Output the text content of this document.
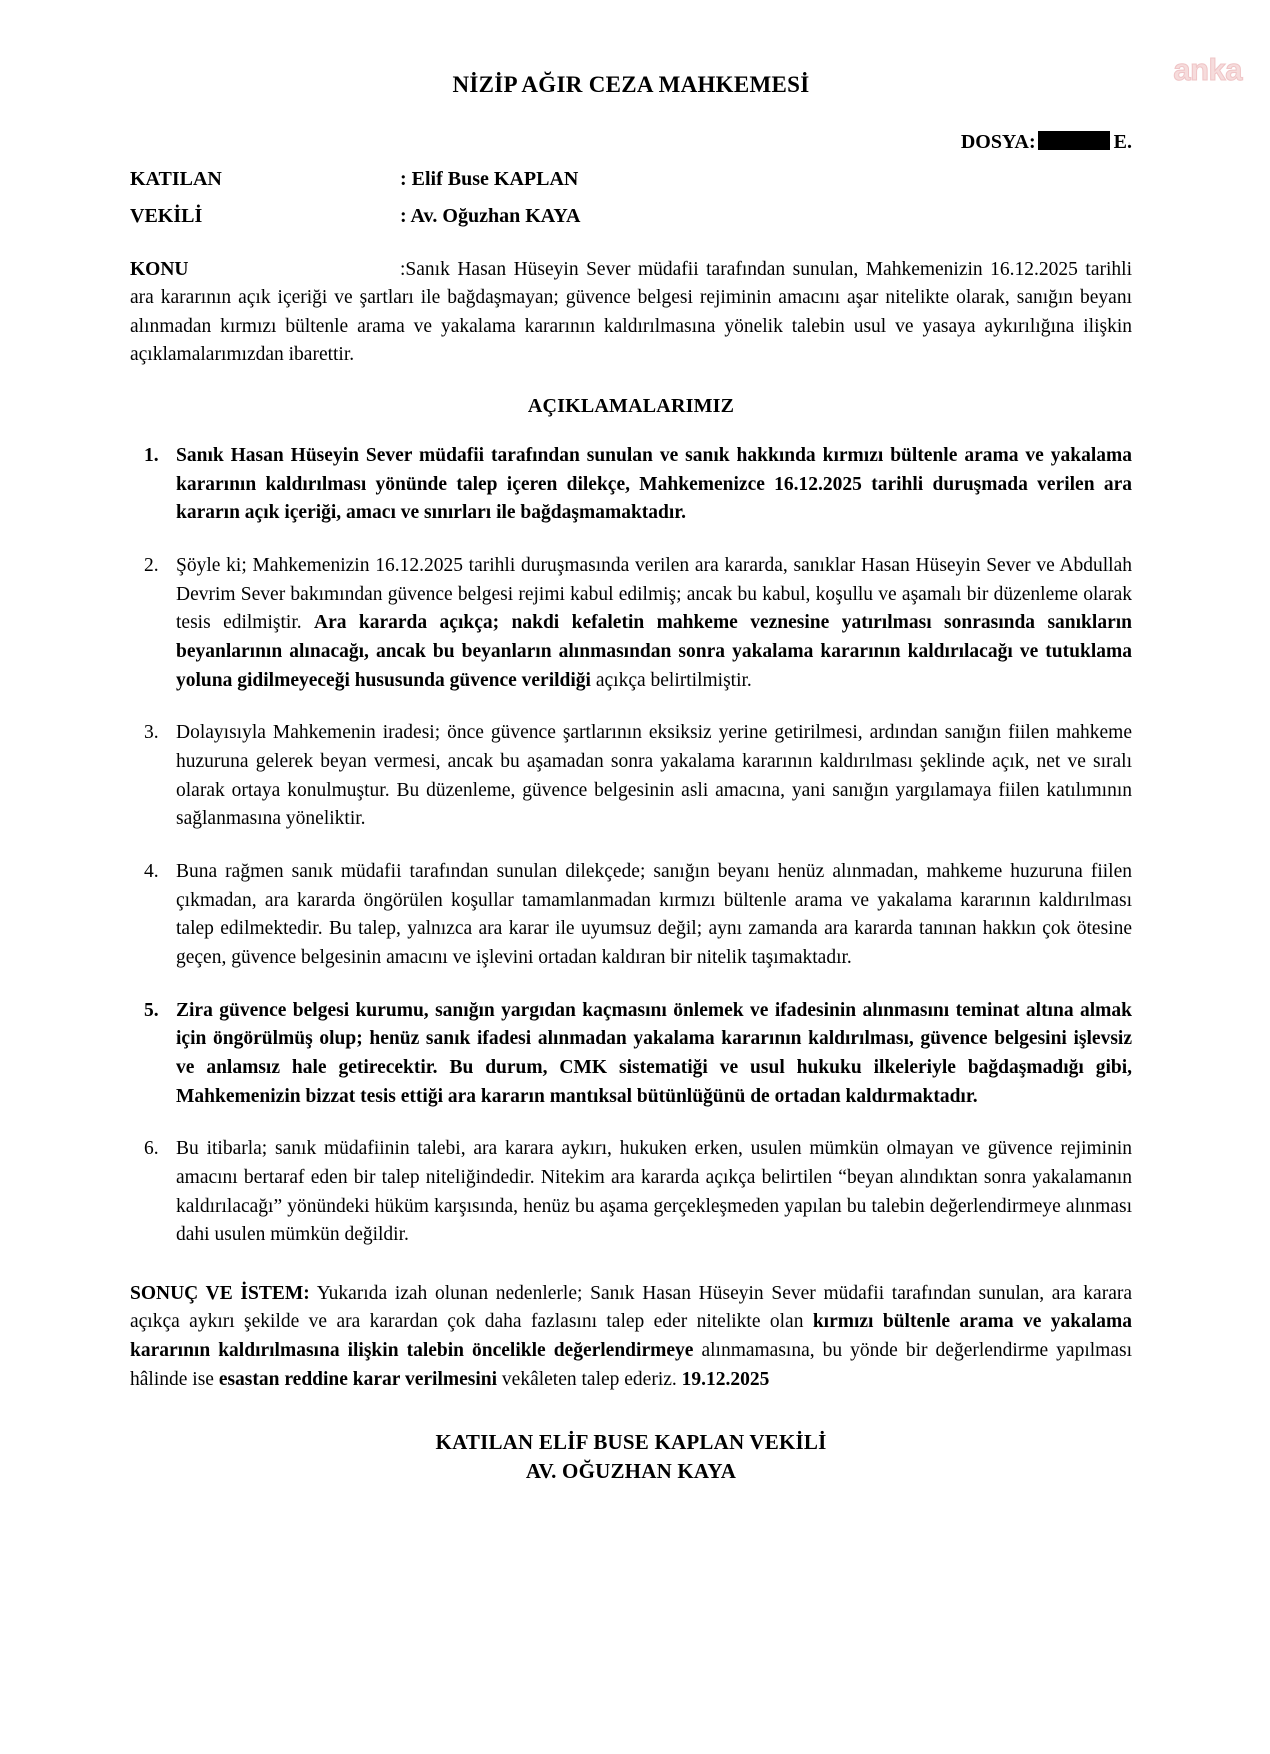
anka
NİZİP AĞIR CEZA MAHKEMESİ
DOSYA:	E.
KATILAN	: Elif Buse KAPLAN
VEKİLİ	: Av. Oğuzhan KAYA
KONU	:Sanık Hasan Hüseyin Sever müdafii tarafından sunulan, Mahkemenizin 16.12.2025 tarihli ara kararının açık içeriği ve şartları ile bağdaşmayan; güvence belgesi rejiminin amacını aşar nitelikte olarak, sanığın beyanı alınmadan kırmızı bültenle arama ve yakalama kararının kaldırılmasına yönelik talebin usul ve yasaya aykırılığına ilişkin açıklamalarımızdan ibarettir.
AÇIKLAMALARIMIZ
1. Sanık Hasan Hüseyin Sever müdafii tarafından sunulan ve sanık hakkında kırmızı bültenle arama ve yakalama kararının kaldırılması yönünde talep içeren dilekçe, Mahkemenizce 16.12.2025 tarihli duruşmada verilen ara kararın açık içeriği, amacı ve sınırları ile bağdaşmamaktadır.
2. Şöyle ki; Mahkemenizin 16.12.2025 tarihli duruşmasında verilen ara kararda, sanıklar Hasan Hüseyin Sever ve Abdullah Devrim Sever bakımından güvence belgesi rejimi kabul edilmiş; ancak bu kabul, koşullu ve aşamalı bir düzenleme olarak tesis edilmiştir. Ara kararda açıkça; nakdi kefaletin mahkeme veznesine yatırılması sonrasında sanıkların beyanlarının alınacağı, ancak bu beyanların alınmasından sonra yakalama kararının kaldırılacağı ve tutuklama yoluna gidilmeyeceği hususunda güvence verildiği açıkça belirtilmiştir.
3. Dolayısıyla Mahkemenin iradesi; önce güvence şartlarının eksiksiz yerine getirilmesi, ardından sanığın fiilen mahkeme huzuruna gelerek beyan vermesi, ancak bu aşamadan sonra yakalama kararının kaldırılması şeklinde açık, net ve sıralı olarak ortaya konulmuştur. Bu düzenleme, güvence belgesinin asli amacına, yani sanığın yargılamaya fiilen katılımının sağlanmasına yöneliktir.
4. Buna rağmen sanık müdafii tarafından sunulan dilekçede; sanığın beyanı henüz alınmadan, mahkeme huzuruna fiilen çıkmadan, ara kararda öngörülen koşullar tamamlanmadan kırmızı bültenle arama ve yakalama kararının kaldırılması talep edilmektedir. Bu talep, yalnızca ara karar ile uyumsuz değil; aynı zamanda ara kararda tanınan hakkın çok ötesine geçen, güvence belgesinin amacını ve işlevini ortadan kaldıran bir nitelik taşımaktadır.
5. Zira güvence belgesi kurumu, sanığın yargıdan kaçmasını önlemek ve ifadesinin alınmasını teminat altına almak için öngörülmüş olup; henüz sanık ifadesi alınmadan yakalama kararının kaldırılması, güvence belgesini işlevsiz ve anlamsız hale getirecektir. Bu durum, CMK sistematiği ve usul hukuku ilkeleriyle bağdaşmadığı gibi, Mahkemenizin bizzat tesis ettiği ara kararın mantıksal bütünlüğünü de ortadan kaldırmaktadır.
6. Bu itibarla; sanık müdafiinin talebi, ara karara aykırı, hukuken erken, usulen mümkün olmayan ve güvence rejiminin amacını bertaraf eden bir talep niteliğindedir. Nitekim ara kararda açıkça belirtilen “beyan alındıktan sonra yakalamanın kaldırılacağı” yönündeki hüküm karşısında, henüz bu aşama gerçekleşmeden yapılan bu talebin değerlendirmeye alınması dahi usulen mümkün değildir.
SONUÇ VE İSTEM: Yukarıda izah olunan nedenlerle; Sanık Hasan Hüseyin Sever müdafii tarafından sunulan, ara karara açıkça aykırı şekilde ve ara karardan çok daha fazlasını talep eder nitelikte olan kırmızı bültenle arama ve yakalama kararının kaldırılmasına ilişkin talebin öncelikle değerlendirmeye alınmamasına, bu yönde bir değerlendirme yapılması hâlinde ise esastan reddine karar verilmesini vekâleten talep ederiz. 19.12.2025
KATILAN ELİF BUSE KAPLAN VEKİLİ
AV. OĞUZHAN KAYA
